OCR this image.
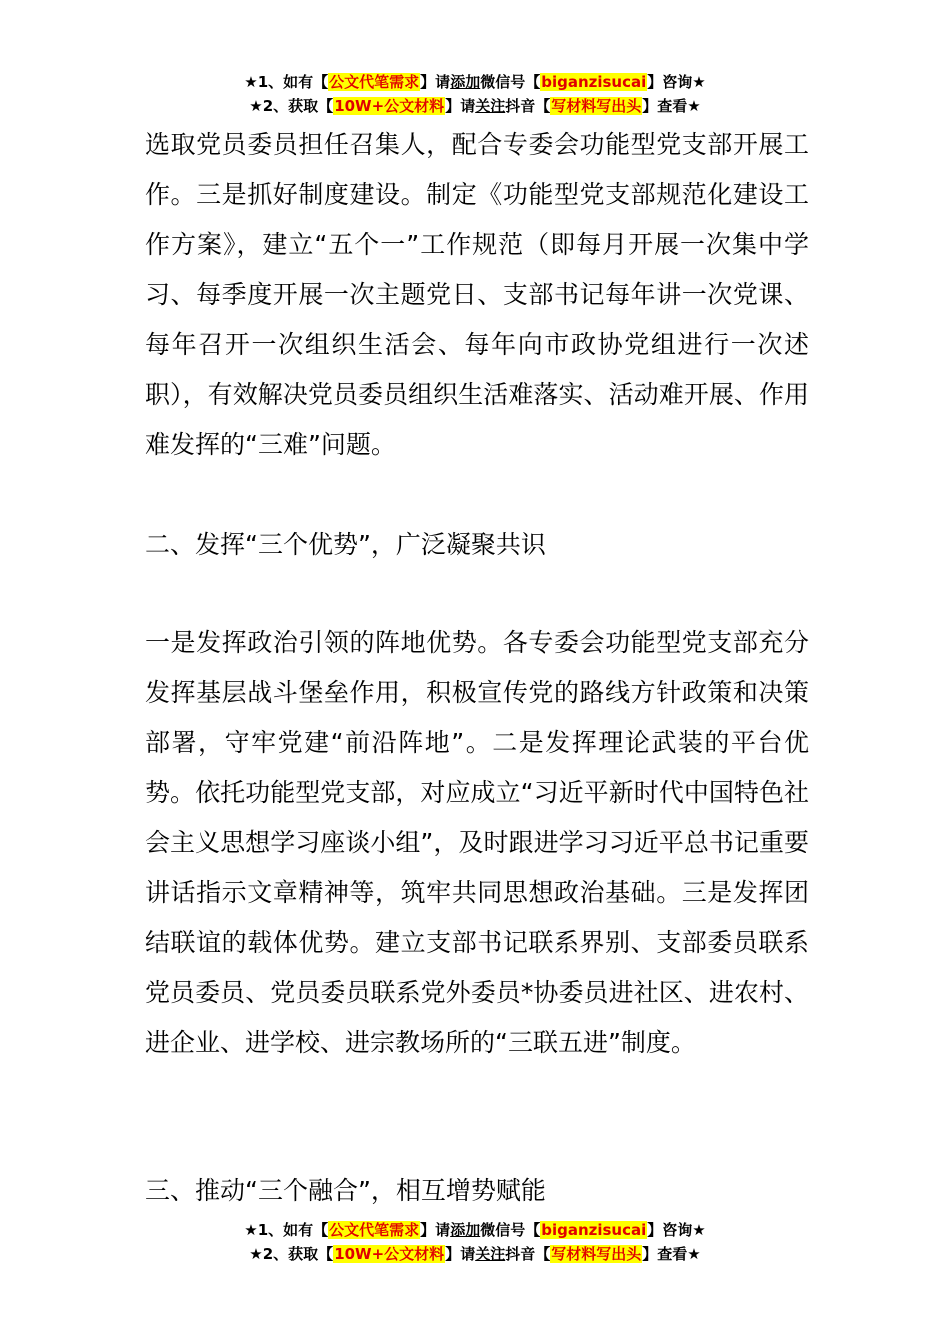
★1、如有【公文代笔需求】请添加微信号【biganzisucai】咨询★
★2、获取【10W+公文材料】请关注抖音【写材料写出头】查看★

选取党员委员担任召集人，配合专委会功能型党支部开展工作。三是抓好制度建设。制定《功能型党支部规范化建设工作方案》，建立“五个一”工作规范（即每月开展一次集中学习、每季度开展一次主题党日、支部书记每年讲一次党课、每年召开一次组织生活会、每年向市政协党组进行一次述职），有效解决党员委员组织生活难落实、活动难开展、作用难发挥的“三难”问题。

二、发挥“三个优势”，广泛凝聚共识

一是发挥政治引领的阵地优势。各专委会功能型党支部充分发挥基层战斗堡垒作用，积极宣传党的路线方针政策和决策部署，守牢党建“前沿阵地”。二是发挥理论武装的平台优势。依托功能型党支部，对应成立“习近平新时代中国特色社会主义思想学习座谈小组”，及时跟进学习习近平总书记重要讲话指示文章精神等，筑牢共同思想政治基础。三是发挥团结联谊的载体优势。建立支部书记联系界别、支部委员联系党员委员、党员委员联系党外委员*协委员进社区、进农村、进企业、进学校、进宗教场所的“三联五进”制度。

三、推动“三个融合”，相互增势赋能

★1、如有【公文代笔需求】请添加微信号【biganzisucai】咨询★
★2、获取【10W+公文材料】请关注抖音【写材料写出头】查看★
